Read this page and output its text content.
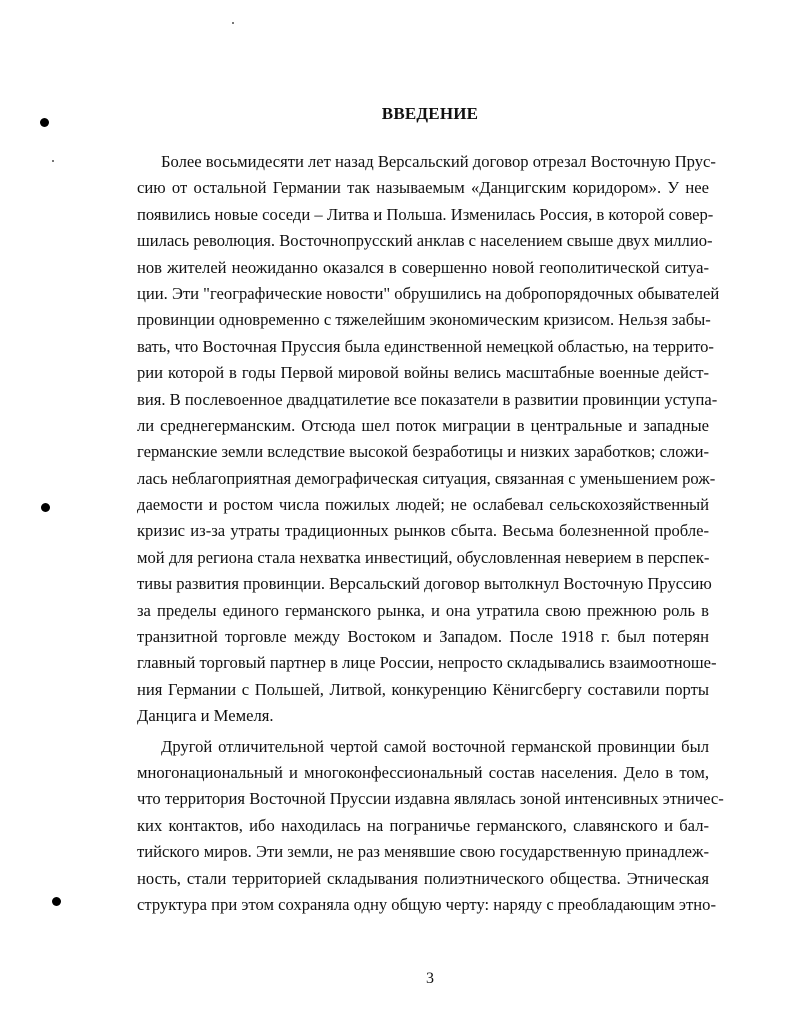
ВВЕДЕНИЕ
Более восьмидесяти лет назад Версальский договор отрезал Восточную Прус-
сию от остальной Германии так называемым «Данцигским коридором». У нее
появились новые соседи – Литва и Польша. Изменилась Россия, в которой совер-
шилась революция. Восточнопрусский анклав с населением свыше двух миллио-
нов жителей неожиданно оказался в совершенно новой геополитической ситуа-
ции. Эти "географические новости" обрушились на добропорядочных обывателей
провинции одновременно с тяжелейшим экономическим кризисом. Нельзя забы-
вать, что Восточная Пруссия была единственной немецкой областью, на террито-
рии которой в годы Первой мировой войны велись масштабные военные дейст-
вия. В послевоенное двадцатилетие все показатели в развитии провинции уступа-
ли среднегерманским. Отсюда шел поток миграции в центральные и западные
германские земли вследствие высокой безработицы и низких заработков; сложи-
лась неблагоприятная демографическая ситуация, связанная с уменьшением рож-
даемости и ростом числа пожилых людей; не ослабевал сельскохозяйственный
кризис из-за утраты традиционных рынков сбыта. Весьма болезненной пробле-
мой для региона стала нехватка инвестиций, обусловленная неверием в перспек-
тивы развития провинции. Версальский договор вытолкнул Восточную Пруссию
за пределы единого германского рынка, и она утратила свою прежнюю роль в
транзитной торговле между Востоком и Западом. После 1918 г. был потерян
главный торговый партнер в лице России, непросто складывались взаимоотноше-
ния Германии с Польшей, Литвой, конкуренцию Кёнигсбергу составили порты
Данцига и Мемеля.
Другой отличительной чертой самой восточной германской провинции был
многонациональный и многоконфессиональный состав населения. Дело в том,
что территория Восточной Пруссии издавна являлась зоной интенсивных этничес-
ких контактов, ибо находилась на пограничье германского, славянского и бал-
тийского миров. Эти земли, не раз менявшие свою государственную принадлеж-
ность, стали территорией складывания полиэтнического общества. Этническая
структура при этом сохраняла одну общую черту: наряду с преобладающим этно-
3
